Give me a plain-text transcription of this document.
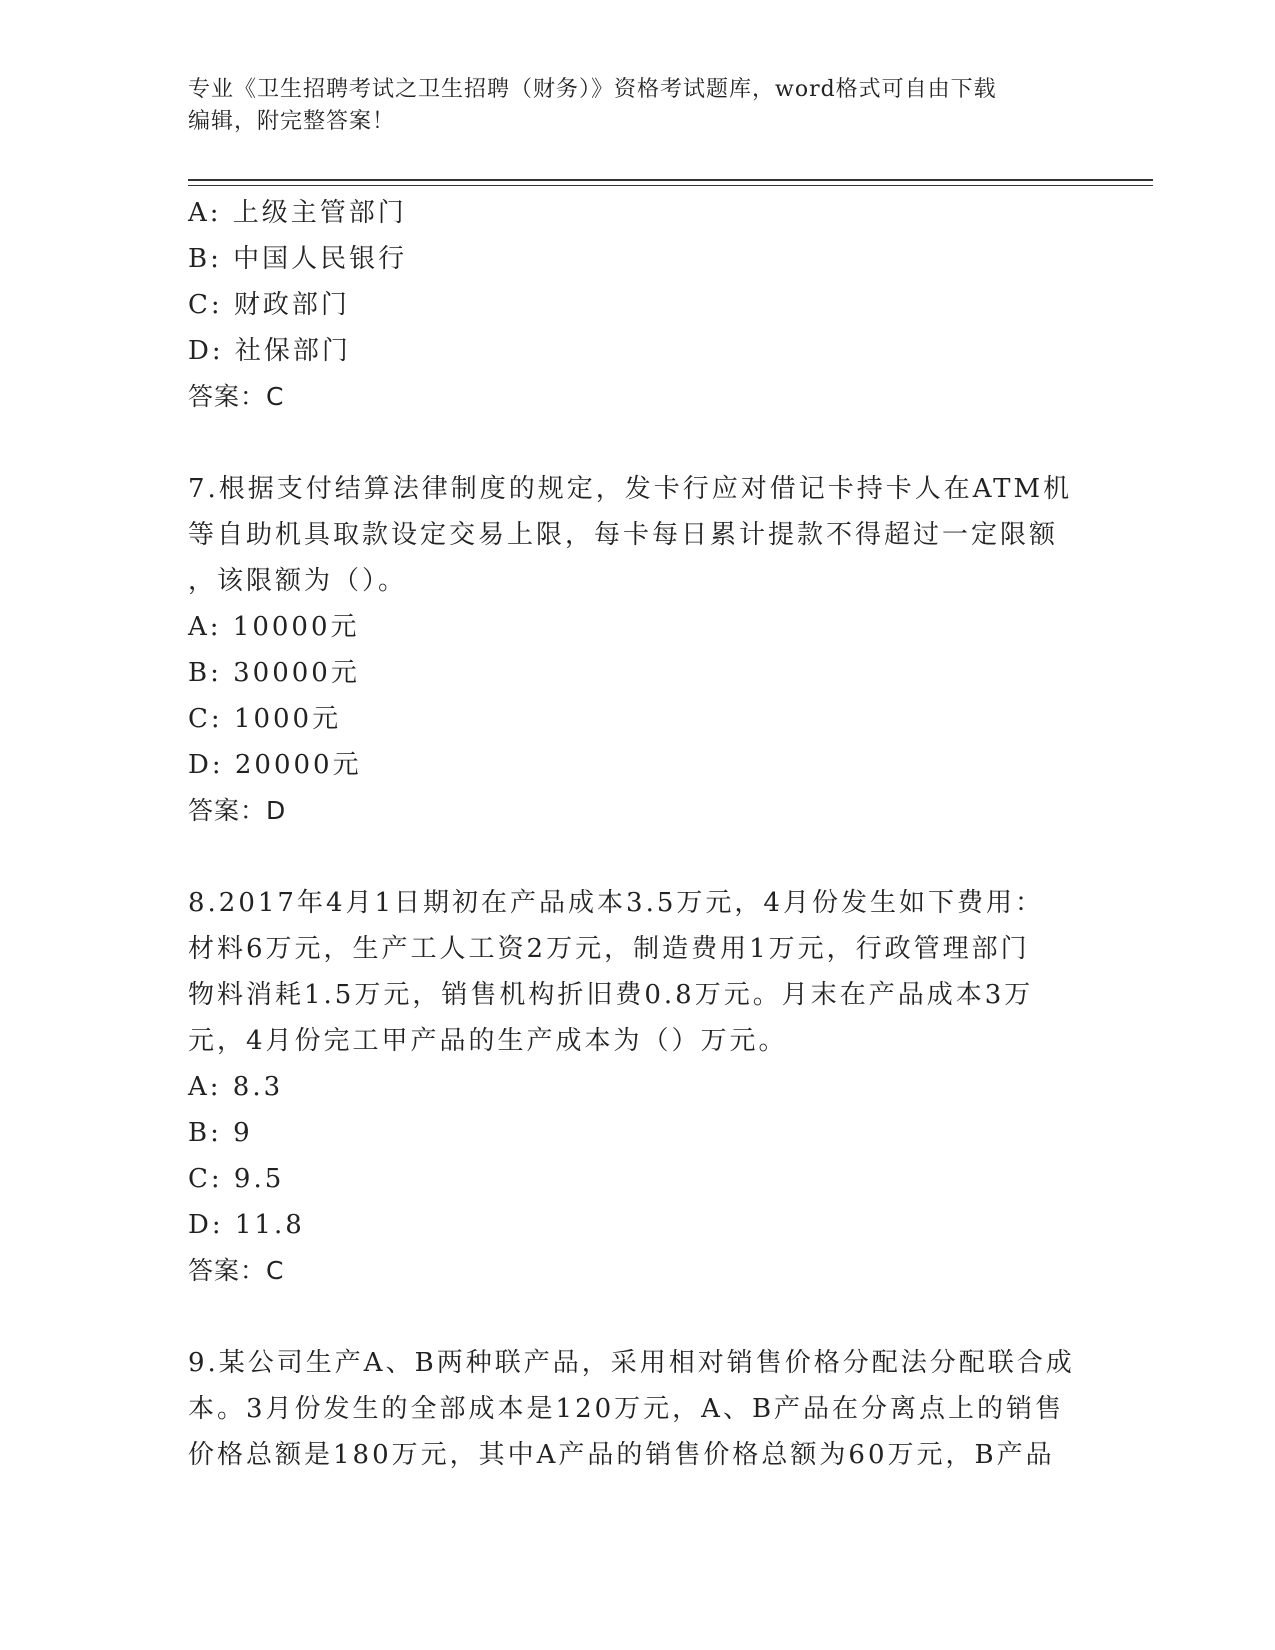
专业《卫生招聘考试之卫生招聘（财务）》资格考试题库，word格式可自由下载
编辑，附完整答案！
A: 上级主管部门
B: 中国人民银行
C: 财政部门
D: 社保部门
答案：C
7.根据支付结算法律制度的规定，发卡行应对借记卡持卡人在ATM机
等自助机具取款设定交易上限，每卡每日累计提款不得超过一定限额
，该限额为（）。
A: 10000元
B: 30000元
C: 1000元
D: 20000元
答案：D
8.2017年4月1日期初在产品成本3.5万元，4月份发生如下费用：
材料6万元，生产工人工资2万元，制造费用1万元，行政管理部门
物料消耗1.5万元，销售机构折旧费0.8万元。月末在产品成本3万
元，4月份完工甲产品的生产成本为（）万元。
A: 8.3
B: 9
C: 9.5
D: 11.8
答案：C
9.某公司生产A、B两种联产品，采用相对销售价格分配法分配联合成
本。3月份发生的全部成本是120万元，A、B产品在分离点上的销售
价格总额是180万元，其中A产品的销售价格总额为60万元，B产品
